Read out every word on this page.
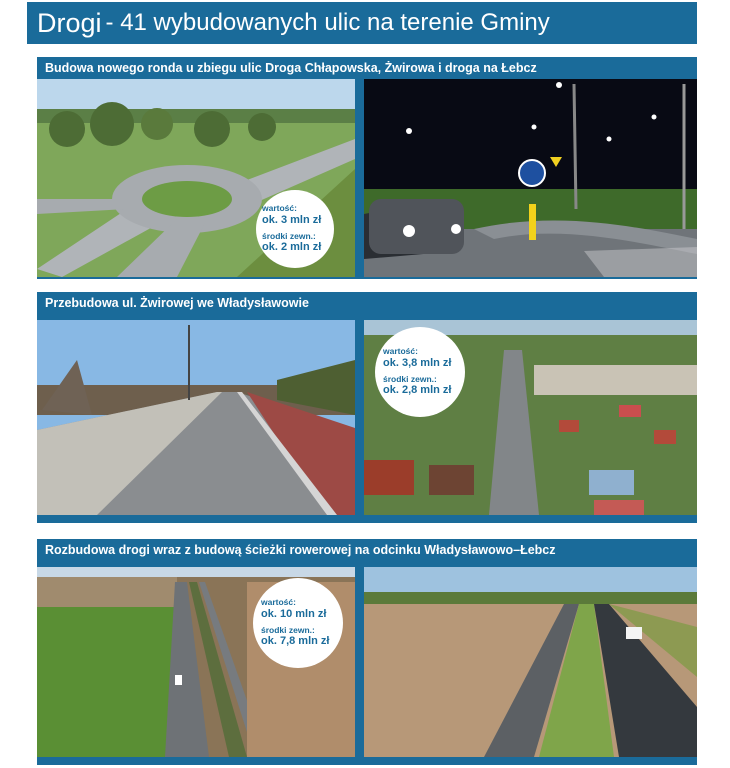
Drogi - 41 wybudowanych ulic na terenie Gminy
Budowa nowego ronda u zbiegu ulic Droga Chłapowska, Żwirowa i droga na Łebcz
wartość:
ok. 3 mln zł
środki zewn.:
ok. 2 mln zł
Przebudowa ul. Żwirowej we Władysławowie
wartość:
ok. 3,8 mln zł
środki zewn.:
ok. 2,8 mln zł
Rozbudowa drogi wraz z budową ścieżki rowerowej na odcinku Władysławowo–Łebcz
wartość:
ok. 10 mln zł
środki zewn.:
ok. 7,8 mln zł
